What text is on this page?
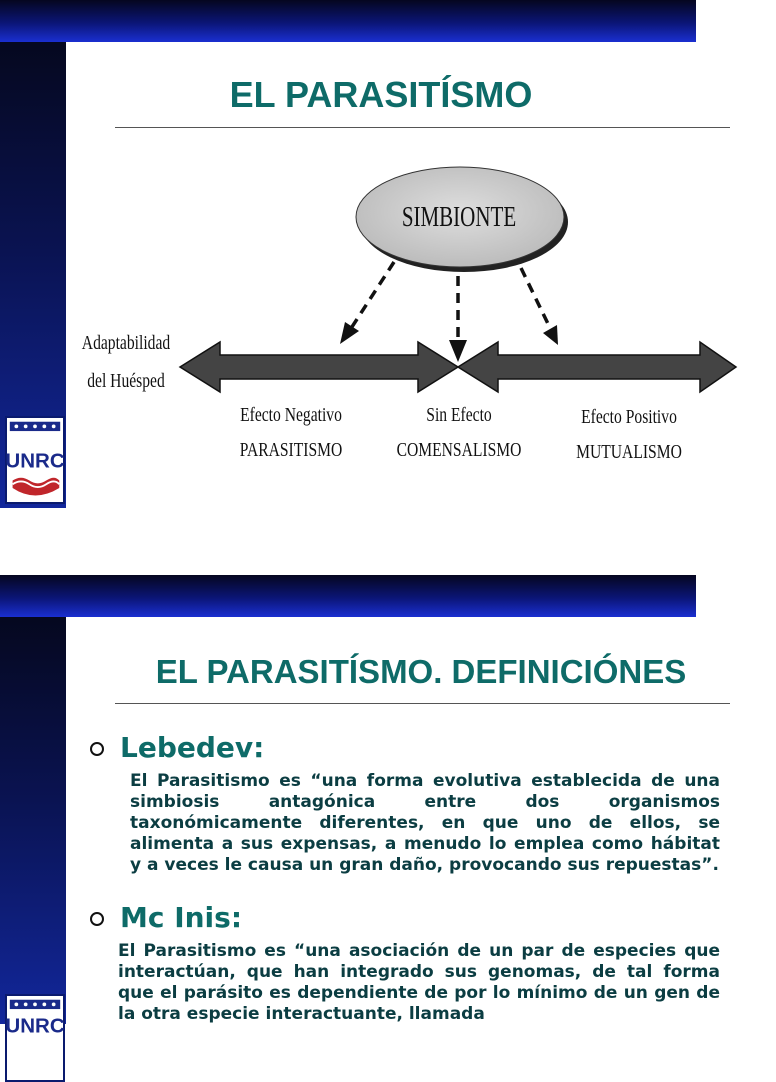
UNRC
EL PARASITÍSMO
SIMBIONTE
Adaptabilidad
del Huésped
Efecto Negativo
PARASITISMO
Sin Efecto
COMENSALISMO
Efecto Positivo
MUTUALISMO
UNRC
EL PARASITÍSMO. DEFINICIÓNES
Lebedev:
El Parasitismo es “una forma evolutiva establecida de una simbiosis antagónica entre dos organismos taxonómicamente diferentes, en que uno de ellos, se alimenta a sus expensas, a menudo lo emplea como hábitat y a veces le causa un gran daño, provocando sus repuestas”.
Mc Inis:
El Parasitismo es “una asociación de un par de especies que interactúan, que han integrado sus genomas, de tal forma que el parásito es dependiente de por lo mínimo de un gen de la otra especie interactuante, llamada
